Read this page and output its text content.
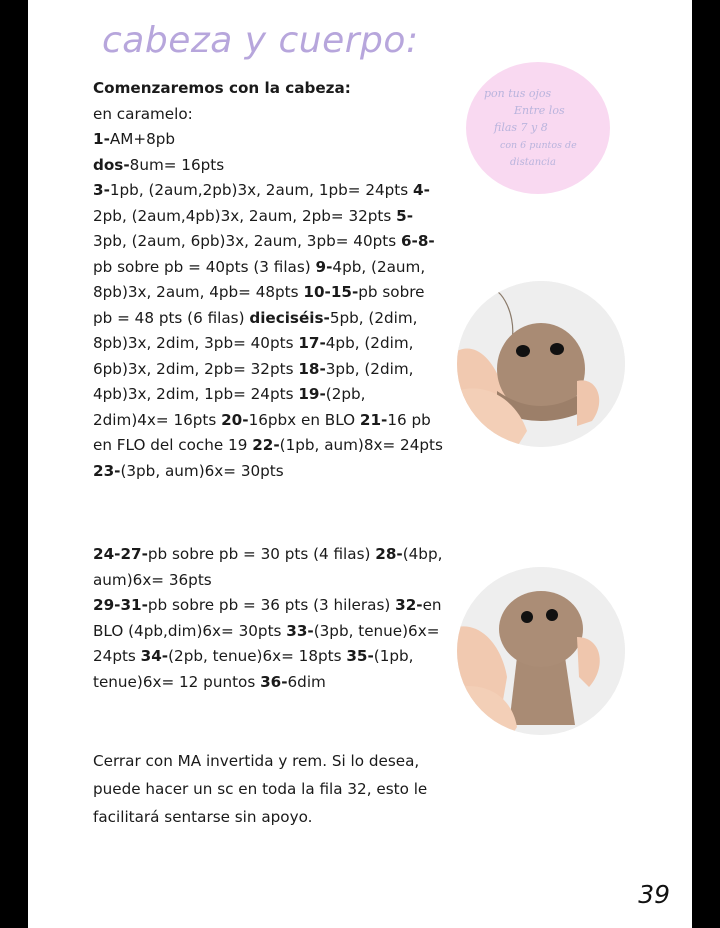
cabeza y cuerpo:

Comenzaremos con la cabeza:

en caramelo:

1-AM+8pb

dos-8um= 16pts

3-1pb, (2aum,2pb)3x, 2aum, 1pb= 24pts 4-2pb, (2aum,4pb)3x, 2aum, 2pb= 32pts 5-3pb, (2aum, 6pb)3x, 2aum, 3pb= 40pts 6-8-pb sobre pb = 40pts (3 filas) 9-4pb, (2aum, 8pb)3x, 2aum, 4pb= 48pts 10-15-pb sobre pb = 48 pts (6 filas) dieciséis-5pb, (2dim, 8pb)3x, 2dim, 3pb= 40pts 17-4pb, (2dim, 6pb)3x, 2dim, 2pb= 32pts 18-3pb, (2dim, 4pb)3x, 2dim, 1pb= 24pts 19-(2pb, 2dim)4x= 16pts 20-16pbx en BLO 21-16 pb en FLO del coche 19 22-(1pb, aum)8x= 24pts 23-(3pb, aum)6x= 30pts

24-27-pb sobre pb = 30 pts (4 filas) 28-(4bp, aum)6x= 36pts

29-31-pb sobre pb = 36 pts (3 hileras) 32-en BLO (4pb,dim)6x= 30pts 33-(3pb, tenue)6x= 24pts 34-(2pb, tenue)6x= 18pts 35-(1pb, tenue)6x= 12 puntos 36-6dim

Cerrar con MA invertida y rem. Si lo desea, puede hacer un sc en toda la fila 32, esto le facilitará sentarse sin apoyo.

pon tus ojos
Entre los
filas 7 y 8
con 6 puntos de
distancia
39
